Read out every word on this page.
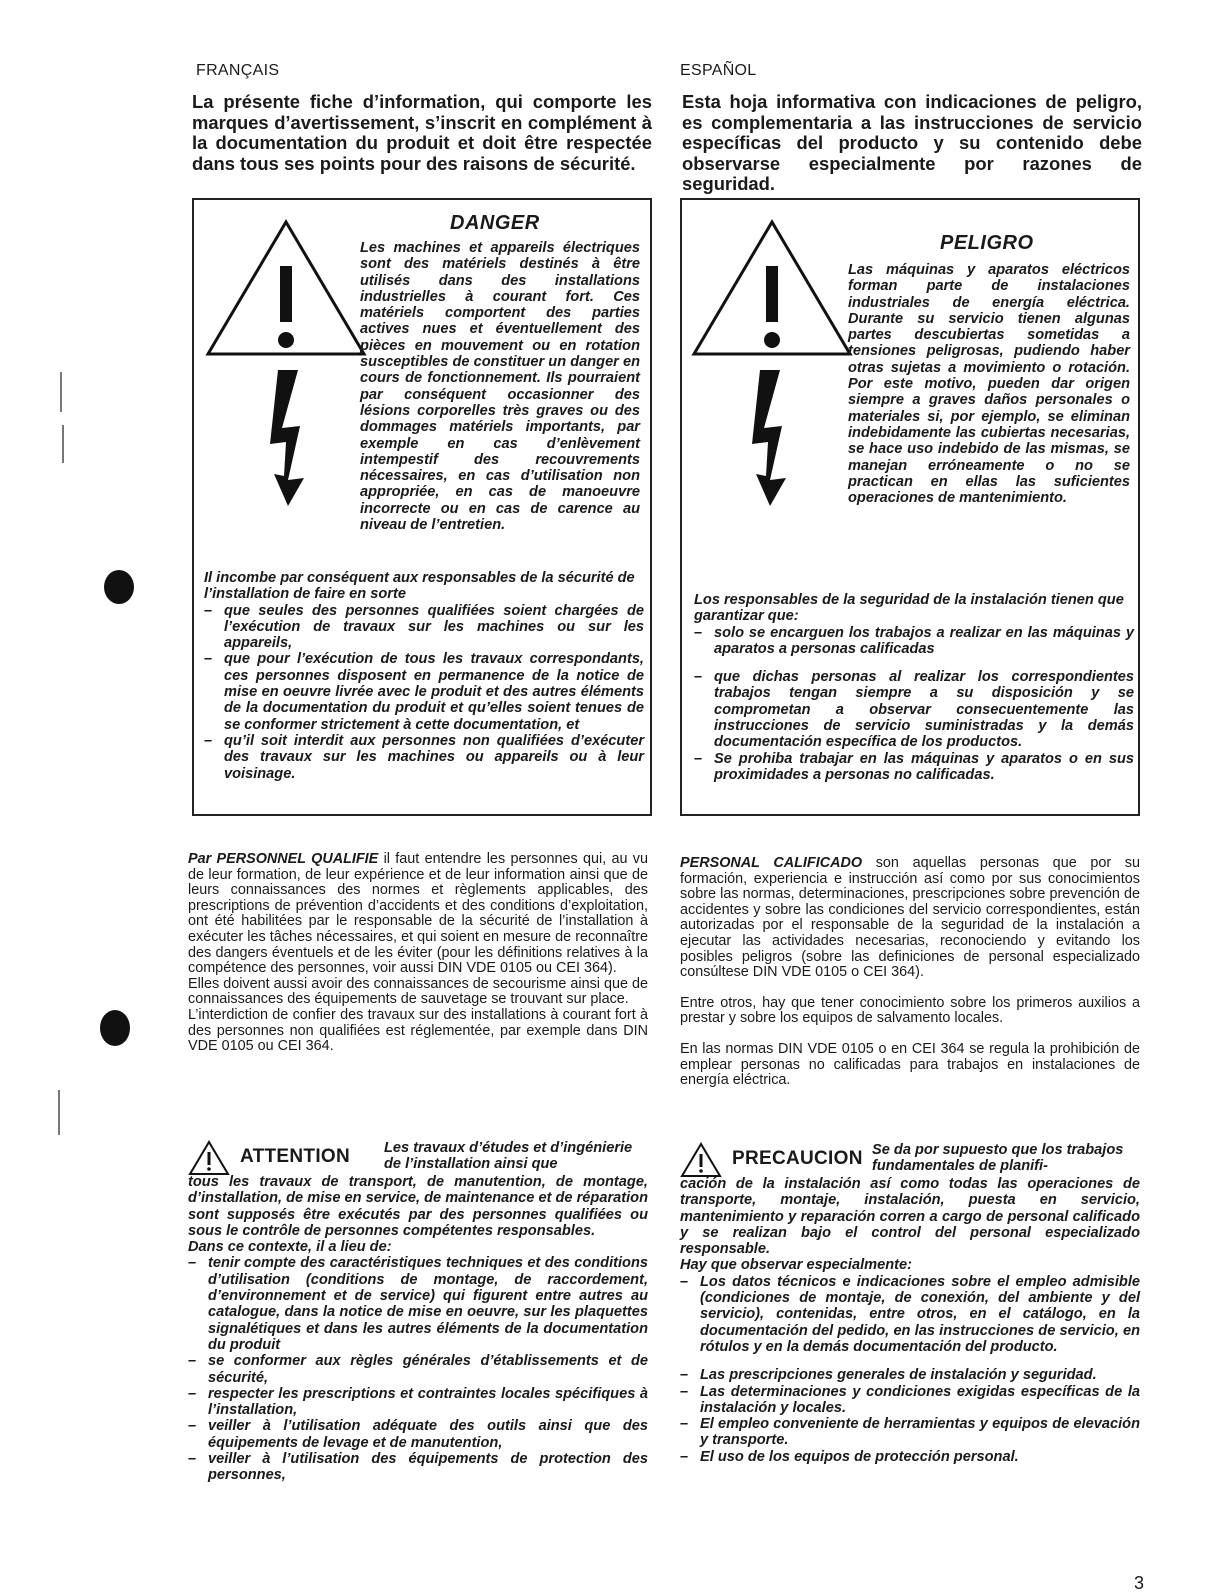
FRANÇAIS
La présente fiche d’information, qui comporte les marques d’avertissement, s’inscrit en complément à la documentation du produit et doit être respectée dans tous ses points pour des raisons de sécurité.
DANGER
Les machines et appareils électriques sont des matériels destinés à être utilisés dans des installations industrielles à courant fort. Ces matériels comportent des parties actives nues et éventuellement des pièces en mouvement ou en rotation susceptibles de constituer un danger en cours de fonctionnement. Ils pourraient par conséquent occasionner des lésions corporelles très graves ou des dommages matériels importants, par exemple en cas d’enlèvement intempestif des recouvrements nécessaires, en cas d’utilisation non appropriée, en cas de manoeuvre incorrecte ou en cas de carence au niveau de l’entretien.

Il incombe par conséquent aux responsables de la sécurité de l’installation de faire en sorte

– que seules des personnes qualifiées soient chargées de l’exécution de travaux sur les machines ou sur les appareils,
– que pour l’exécution de tous les travaux correspondants, ces personnes disposent en permanence de la notice de mise en oeuvre livrée avec le produit et des autres éléments de la documentation du produit et qu’elles soient tenues de se conformer strictement à cette documentation, et
– qu’il soit interdit aux personnes non qualifiées d’exécuter des travaux sur les machines ou appareils ou à leur voisinage.

Par PERSONNEL QUALIFIE il faut entendre les personnes qui, au vu de leur formation, de leur expérience et de leur information ainsi que de leurs connaissances des normes et règlements applicables, des prescriptions de prévention d’accidents et des conditions d’exploitation, ont été habilitées par le responsable de la sécurité de l’installation à exécuter les tâches nécessaires, et qui soient en mesure de reconnaître des dangers éventuels et de les éviter (pour les définitions relatives à la compétence des personnes, voir aussi DIN VDE 0105 ou CEI 364).

Elles doivent aussi avoir des connaissances de secourisme ainsi que de connaissances des équipements de sauvetage se trouvant sur place.

L’interdiction de confier des travaux sur des installations à courant fort à des personnes non qualifiées est réglementée, par exemple dans DIN VDE 0105 ou CEI 364.

ATTENTION Les travaux d’études et d’ingénierie de l’installation ainsi que

tous les travaux de transport, de manutention, de montage, d’installation, de mise en service, de maintenance et de réparation sont supposés être exécutés par des personnes qualifiées ou sous le contrôle de personnes compétentes responsables.

Dans ce contexte, il a lieu de:

– tenir compte des caractéristiques techniques et des conditions d’utilisation (conditions de montage, de raccordement, d’environnement et de service) qui figurent entre autres au catalogue, dans la notice de mise en oeuvre, sur les plaquettes signalétiques et dans les autres éléments de la documentation du produit
– se conformer aux règles générales d’établissements et de sécurité,
– respecter les prescriptions et contraintes locales spécifiques à l’installation,
– veiller à l’utilisation adéquate des outils ainsi que des équipements de levage et de manutention,
– veiller à l’utilisation des équipements de protection des personnes,
ESPAÑOL
Esta hoja informativa con indicaciones de peligro, es complementaria a las instrucciones de servicio específicas del producto y su contenido debe observarse especialmente por razones de seguridad.
PELIGRO
Las máquinas y aparatos eléctricos forman parte de instalaciones industriales de energía eléctrica. Durante su servicio tienen algunas partes descubiertas sometidas a tensiones peligrosas, pudiendo haber otras sujetas a movimiento o rotación. Por este motivo, pueden dar origen siempre a graves daños personales o materiales si, por ejemplo, se eliminan indebidamente las cubiertas necesarias, se hace uso indebido de las mismas, se manejan erróneamente o no se practican en ellas las suficientes operaciones de mantenimiento.

Los responsables de la seguridad de la instalación tienen que garantizar que:

– solo se encarguen los trabajos a realizar en las máquinas y aparatos a personas calificadas
– que dichas personas al realizar los correspondientes trabajos tengan siempre a su disposición y se comprometan a observar consecuentemente las instrucciones de servicio suministradas y la demás documentación específica de los productos.
– Se prohiba trabajar en las máquinas y aparatos o en sus proximidades a personas no calificadas.

PERSONAL CALIFICADO son aquellas personas que por su formación, experiencia e instrucción así como por sus conocimientos sobre las normas, determinaciones, prescripciones sobre prevención de accidentes y sobre las condiciones del servicio correspondientes, están autorizadas por el responsable de la seguridad de la instalación a ejecutar las actividades necesarias, reconociendo y evitando los posibles peligros (sobre las definiciones de personal especializado consúltese DIN VDE 0105 o CEI 364).

Entre otros, hay que tener conocimiento sobre los primeros auxilios a prestar y sobre los equipos de salvamento locales.

En las normas DIN VDE 0105 o en CEI 364 se regula la prohibición de emplear personas no calificadas para trabajos en instalaciones de energía eléctrica.

PRECAUCION Se da por supuesto que los trabajos fundamentales de planifi-

cación de la instalación así como todas las operaciones de transporte, montaje, instalación, puesta en servicio, mantenimiento y reparación corren a cargo de personal calificado y se realizan bajo el control del personal especializado responsable.

Hay que observar especialmente:

– Los datos técnicos e indicaciones sobre el empleo admisible (condiciones de montaje, de conexión, del ambiente y del servicio), contenidas, entre otros, en el catálogo, en la documentación del pedido, en las instrucciones de servicio, en rótulos y en la demás documentación del producto.
– Las prescripciones generales de instalación y seguridad.
– Las determinaciones y condiciones exigidas específicas de la instalación y locales.
– El empleo conveniente de herramientas y equipos de elevación y transporte.
– El uso de los equipos de protección personal.
3
